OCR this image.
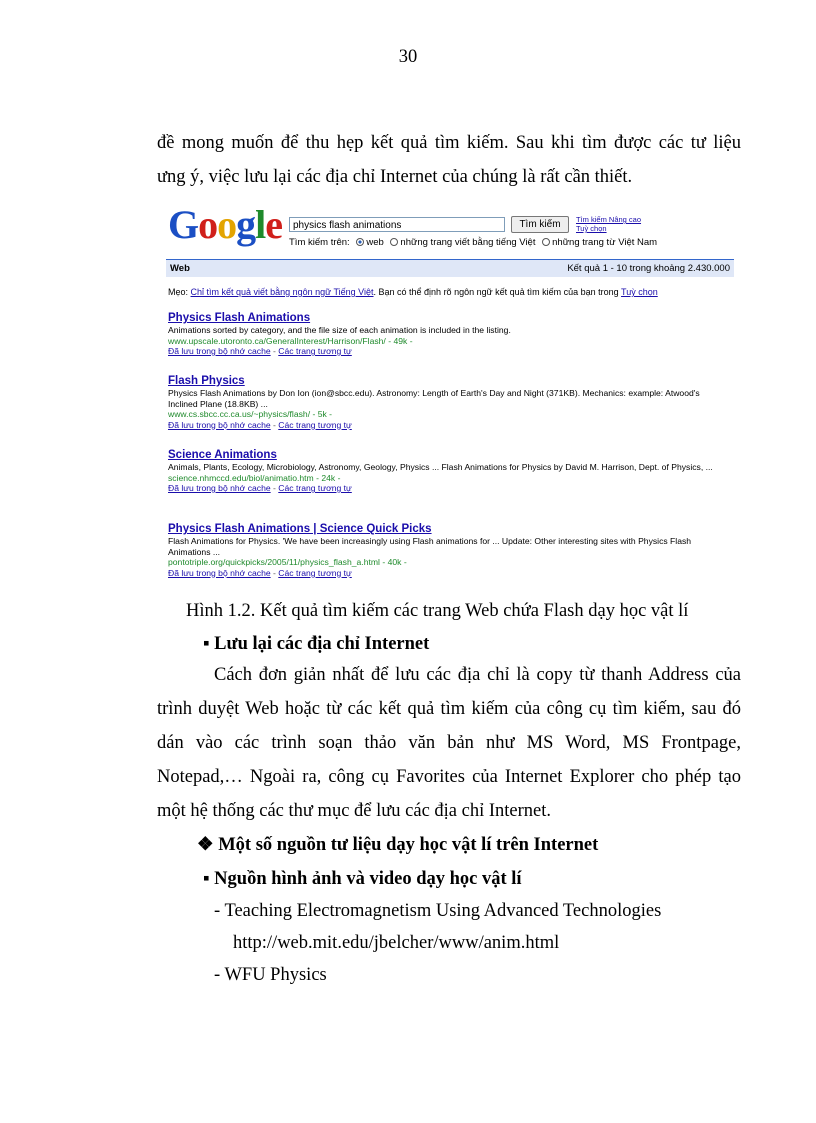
30
đề mong muốn để thu hẹp kết quả tìm kiếm. Sau khi tìm được các tư liệu
ưng ý, việc lưu lại các địa chỉ Internet của chúng là rất cần thiết.
Google	physics flash animations	Tìm kiếm	Tìm kiếm Nâng cao
Tuỳ chọn
Tìm kiếm trên: web những trang viết bằng tiếng Việt những trang từ Việt Nam
Web	Kết quả 1 - 10 trong khoảng 2.430.000
Mẹo: Chỉ tìm kết quả viết bằng ngôn ngữ Tiếng Việt. Bạn có thể định rõ ngôn ngữ kết quả tìm kiếm của bạn trong Tuỳ chọn
Physics Flash Animations
Animations sorted by category, and the file size of each animation is included in the listing.
www.upscale.utoronto.ca/GeneralInterest/Harrison/Flash/ - 49k -
Đã lưu trong bộ nhớ cache - Các trang tương tự
Flash Physics
Physics Flash Animations by Don Ion (ion@sbcc.edu). Astronomy: Length of Earth's Day and Night (371KB). Mechanics: example: Atwood's Inclined Plane (18.8KB) ...
www.cs.sbcc.cc.ca.us/~physics/flash/ - 5k -
Đã lưu trong bộ nhớ cache - Các trang tương tự
Science Animations
Animals, Plants, Ecology, Microbiology, Astronomy, Geology, Physics ... Flash Animations for Physics by David M. Harrison, Dept. of Physics, ...
science.nhmccd.edu/biol/animatio.htm - 24k -
Đã lưu trong bộ nhớ cache - Các trang tương tự
Physics Flash Animations | Science Quick Picks
Flash Animations for Physics. 'We have been increasingly using Flash animations for ... Update: Other interesting sites with Physics Flash Animations ...
pontotriple.org/quickpicks/2005/11/physics_flash_a.html - 40k -
Đã lưu trong bộ nhớ cache - Các trang tương tự
Hình 1.2. Kết quả tìm kiếm các trang Web chứa Flash dạy học vật lí
▪ Lưu lại các địa chỉ Internet
Cách đơn giản nhất để lưu các địa chỉ là copy từ thanh Address của
trình duyệt Web hoặc từ các kết quả tìm kiếm của công cụ tìm kiếm, sau đó
dán vào các trình soạn thảo văn bản như MS Word, MS Frontpage,
Notepad,… Ngoài ra, công cụ Favorites của Internet Explorer cho phép tạo
một hệ thống các thư mục để lưu các địa chỉ Internet.
❖ Một số nguồn tư liệu dạy học vật lí trên Internet
▪ Nguồn hình ảnh và video dạy học vật lí
- Teaching Electromagnetism Using Advanced Technologies
http://web.mit.edu/jbelcher/www/anim.html
- WFU Physics
